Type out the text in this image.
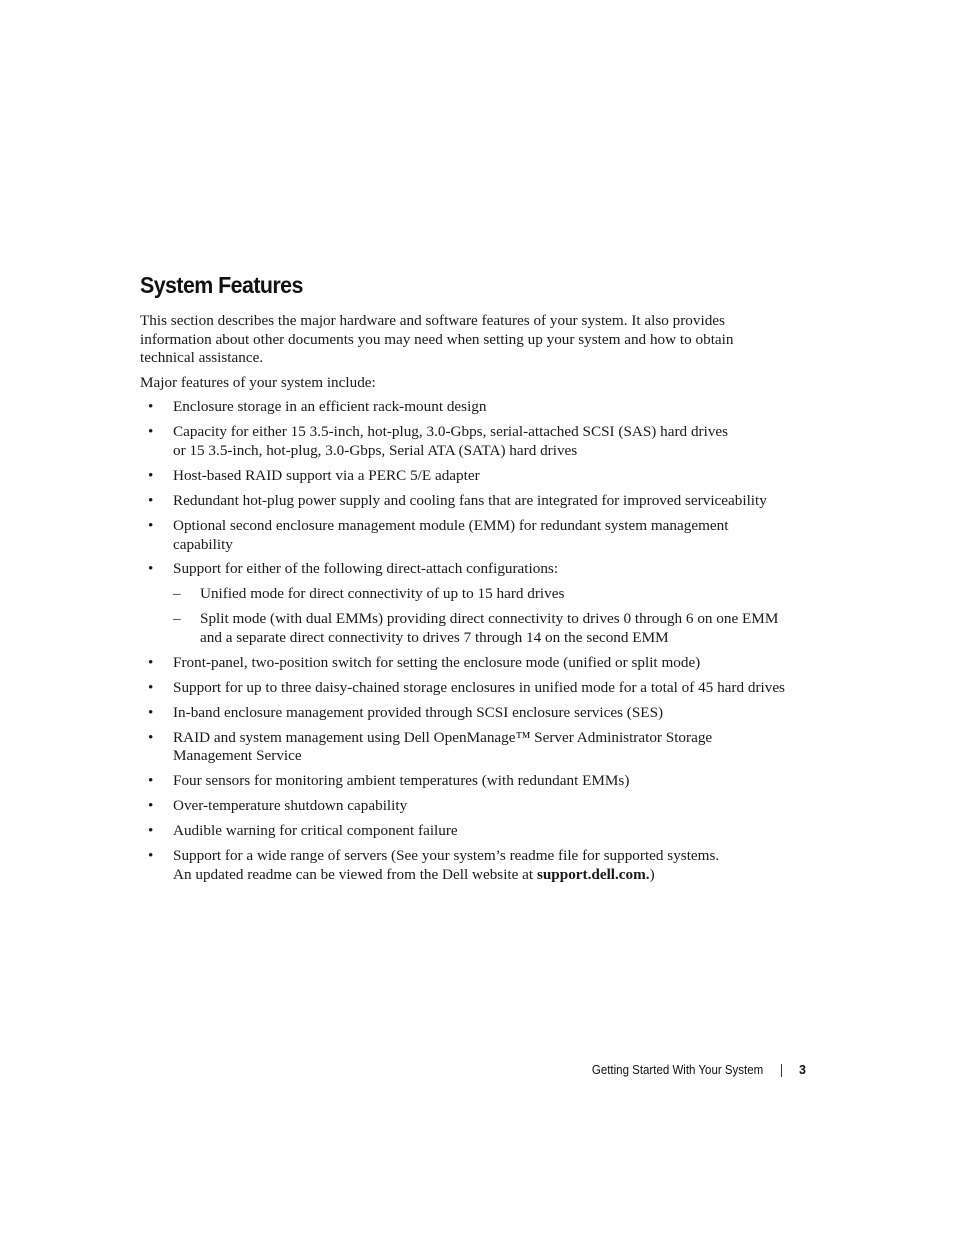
System Features

This section describes the major hardware and software features of your system. It also provides information about other documents you may need when setting up your system and how to obtain technical assistance.

Major features of your system include:

• Enclosure storage in an efficient rack-mount design
• Capacity for either 15 3.5-inch, hot-plug, 3.0-Gbps, serial-attached SCSI (SAS) hard drives
or 15 3.5-inch, hot-plug, 3.0-Gbps, Serial ATA (SATA) hard drives
• Host-based RAID support via a PERC 5/E adapter
• Redundant hot-plug power supply and cooling fans that are integrated for improved serviceability
• Optional second enclosure management module (EMM) for redundant system management capability
• Support for either of the following direct-attach configurations:
– Unified mode for direct connectivity of up to 15 hard drives
– Split mode (with dual EMMs) providing direct connectivity to drives 0 through 6 on one EMM and a separate direct connectivity to drives 7 through 14 on the second EMM
• Front-panel, two-position switch for setting the enclosure mode (unified or split mode)
• Support for up to three daisy-chained storage enclosures in unified mode for a total of 45 hard drives
• In-band enclosure management provided through SCSI enclosure services (SES)
• RAID and system management using Dell OpenManage™ Server Administrator Storage
Management Service
• Four sensors for monitoring ambient temperatures (with redundant EMMs)
• Over-temperature shutdown capability
• Audible warning for critical component failure
• Support for a wide range of servers (See your system’s readme file for supported systems.
An updated readme can be viewed from the Dell website at support.dell.com.)
Getting Started With Your System	3
